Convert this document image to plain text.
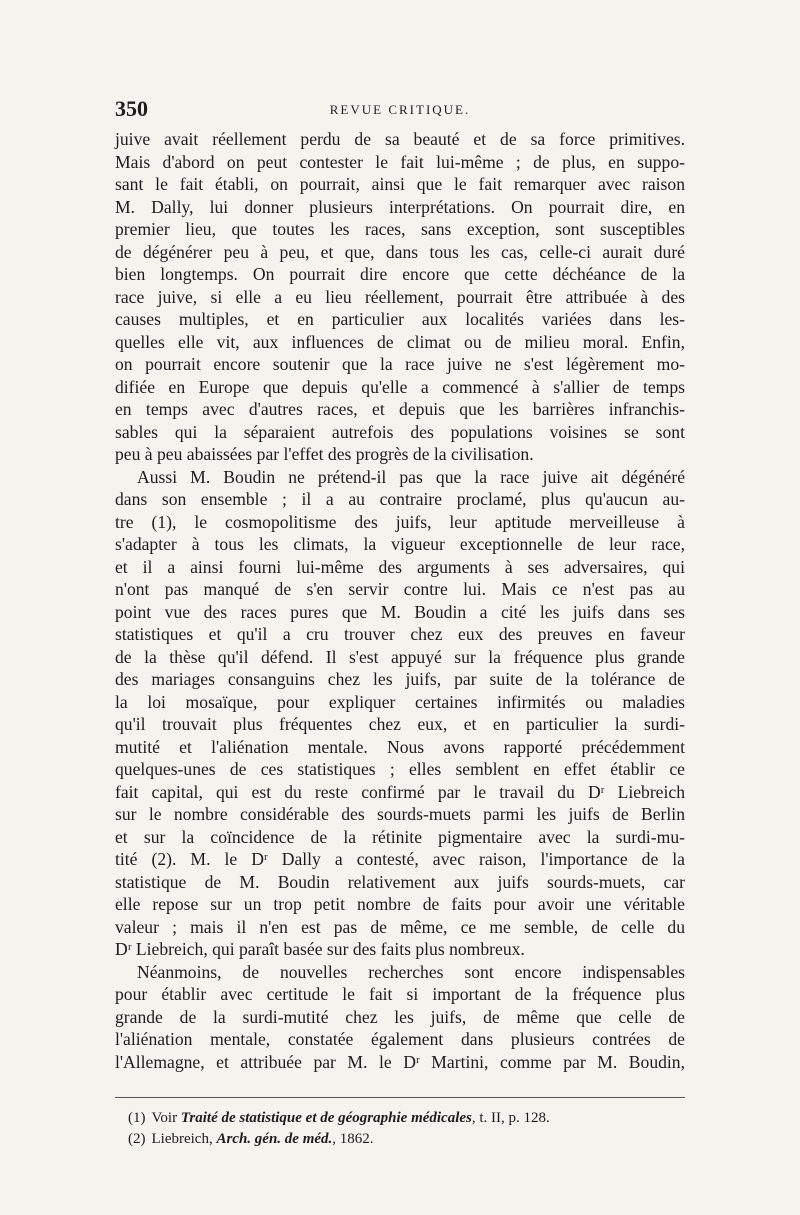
350	REVUE CRITIQUE.
juive avait réellement perdu de sa beauté et de sa force primitives.
Mais d'abord on peut contester le fait lui-même ; de plus, en suppo-
sant le fait établi, on pourrait, ainsi que le fait remarquer avec raison
M. Dally, lui donner plusieurs interprétations. On pourrait dire, en
premier lieu, que toutes les races, sans exception, sont susceptibles
de dégénérer peu à peu, et que, dans tous les cas, celle-ci aurait duré
bien longtemps. On pourrait dire encore que cette déchéance de la
race juive, si elle a eu lieu réellement, pourrait être attribuée à des
causes multiples, et en particulier aux localités variées dans les-
quelles elle vit, aux influences de climat ou de milieu moral. Enfin,
on pourrait encore soutenir que la race juive ne s'est légèrement mo-
difiée en Europe que depuis qu'elle a commencé à s'allier de temps
en temps avec d'autres races, et depuis que les barrières infranchis-
sables qui la séparaient autrefois des populations voisines se sont
peu à peu abaissées par l'effet des progrès de la civilisation.
Aussi M. Boudin ne prétend-il pas que la race juive ait dégénéré
dans son ensemble ; il a au contraire proclamé, plus qu'aucun au-
tre (1), le cosmopolitisme des juifs, leur aptitude merveilleuse à
s'adapter à tous les climats, la vigueur exceptionnelle de leur race,
et il a ainsi fourni lui-même des arguments à ses adversaires, qui
n'ont pas manqué de s'en servir contre lui. Mais ce n'est pas au
point vue des races pures que M. Boudin a cité les juifs dans ses
statistiques et qu'il a cru trouver chez eux des preuves en faveur
de la thèse qu'il défend. Il s'est appuyé sur la fréquence plus grande
des mariages consanguins chez les juifs, par suite de la tolérance de
la loi mosaïque, pour expliquer certaines infirmités ou maladies
qu'il trouvait plus fréquentes chez eux, et en particulier la surdi-
mutité et l'aliénation mentale. Nous avons rapporté précédemment
quelques-unes de ces statistiques ; elles semblent en effet établir ce
fait capital, qui est du reste confirmé par le travail du Dʳ Liebreich
sur le nombre considérable des sourds-muets parmi les juifs de Berlin
et sur la coïncidence de la rétinite pigmentaire avec la surdi-mu-
tité (2). M. le Dʳ Dally a contesté, avec raison, l'importance de la
statistique de M. Boudin relativement aux juifs sourds-muets, car
elle repose sur un trop petit nombre de faits pour avoir une véritable
valeur ; mais il n'en est pas de même, ce me semble, de celle du
Dʳ Liebreich, qui paraît basée sur des faits plus nombreux.
Néanmoins, de nouvelles recherches sont encore indispensables
pour établir avec certitude le fait si important de la fréquence plus
grande de la surdi-mutité chez les juifs, de même que celle de
l'aliénation mentale, constatée également dans plusieurs contrées de
l'Allemagne, et attribuée par M. le Dʳ Martini, comme par M. Boudin,
(1) Voir Traité de statistique et de géographie médicales, t. II, p. 128.
(2) Liebreich, Arch. gén. de méd., 1862.
